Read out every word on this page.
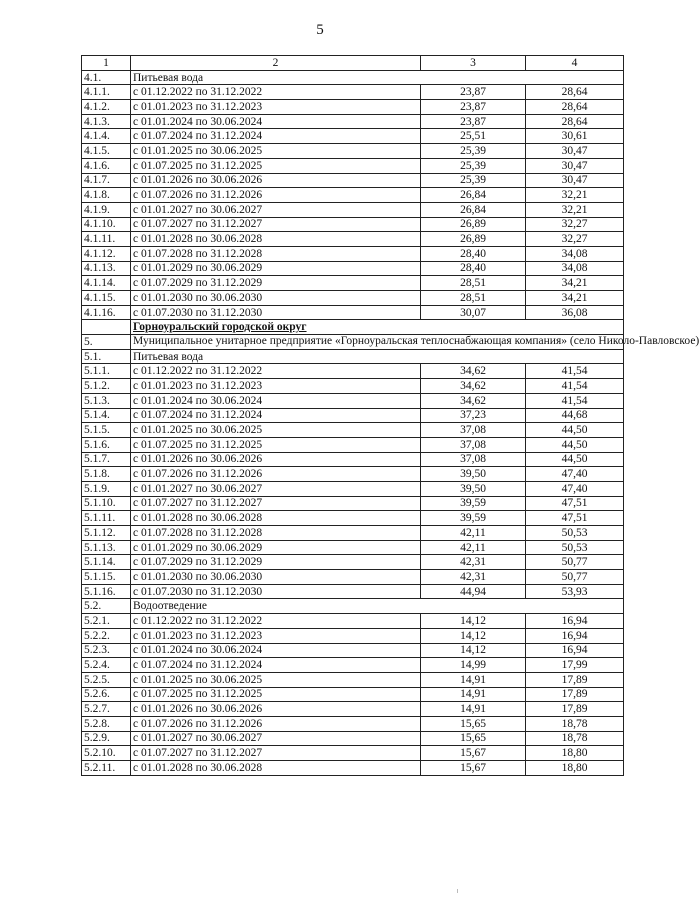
5
1	2	3	4
4.1.	Питьевая вода		
4.1.1.	с 01.12.2022 по 31.12.2022	23,87	28,64
4.1.2.	с 01.01.2023 по 31.12.2023	23,87	28,64
4.1.3.	с 01.01.2024 по 30.06.2024	23,87	28,64
4.1.4.	с 01.07.2024 по 31.12.2024	25,51	30,61
4.1.5.	с 01.01.2025 по 30.06.2025	25,39	30,47
4.1.6.	с 01.07.2025 по 31.12.2025	25,39	30,47
4.1.7.	с 01.01.2026 по 30.06.2026	25,39	30,47
4.1.8.	с 01.07.2026 по 31.12.2026	26,84	32,21
4.1.9.	с 01.01.2027 по 30.06.2027	26,84	32,21
4.1.10.	с 01.07.2027 по 31.12.2027	26,89	32,27
4.1.11.	с 01.01.2028 по 30.06.2028	26,89	32,27
4.1.12.	с 01.07.2028 по 31.12.2028	28,40	34,08
4.1.13.	с 01.01.2029 по 30.06.2029	28,40	34,08
4.1.14.	с 01.07.2029 по 31.12.2029	28,51	34,21
4.1.15.	с 01.01.2030 по 30.06.2030	28,51	34,21
4.1.16.	с 01.07.2030 по 31.12.2030	30,07	36,08
	Горноуральский городской округ		
5.	Муниципальное унитарное предприятие «Горноуральская теплоснабжающая компания» (село Николо-Павловское)		
5.1.	Питьевая вода		
5.1.1.	с 01.12.2022 по 31.12.2022	34,62	41,54
5.1.2.	с 01.01.2023 по 31.12.2023	34,62	41,54
5.1.3.	с 01.01.2024 по 30.06.2024	34,62	41,54
5.1.4.	с 01.07.2024 по 31.12.2024	37,23	44,68
5.1.5.	с 01.01.2025 по 30.06.2025	37,08	44,50
5.1.6.	с 01.07.2025 по 31.12.2025	37,08	44,50
5.1.7.	с 01.01.2026 по 30.06.2026	37,08	44,50
5.1.8.	с 01.07.2026 по 31.12.2026	39,50	47,40
5.1.9.	с 01.01.2027 по 30.06.2027	39,50	47,40
5.1.10.	с 01.07.2027 по 31.12.2027	39,59	47,51
5.1.11.	с 01.01.2028 по 30.06.2028	39,59	47,51
5.1.12.	с 01.07.2028 по 31.12.2028	42,11	50,53
5.1.13.	с 01.01.2029 по 30.06.2029	42,11	50,53
5.1.14.	с 01.07.2029 по 31.12.2029	42,31	50,77
5.1.15.	с 01.01.2030 по 30.06.2030	42,31	50,77
5.1.16.	с 01.07.2030 по 31.12.2030	44,94	53,93
5.2.	Водоотведение		
5.2.1.	с 01.12.2022 по 31.12.2022	14,12	16,94
5.2.2.	с 01.01.2023 по 31.12.2023	14,12	16,94
5.2.3.	с 01.01.2024 по 30.06.2024	14,12	16,94
5.2.4.	с 01.07.2024 по 31.12.2024	14,99	17,99
5.2.5.	с 01.01.2025 по 30.06.2025	14,91	17,89
5.2.6.	с 01.07.2025 по 31.12.2025	14,91	17,89
5.2.7.	с 01.01.2026 по 30.06.2026	14,91	17,89
5.2.8.	с 01.07.2026 по 31.12.2026	15,65	18,78
5.2.9.	с 01.01.2027 по 30.06.2027	15,65	18,78
5.2.10.	с 01.07.2027 по 31.12.2027	15,67	18,80
5.2.11.	с 01.01.2028 по 30.06.2028	15,67	18,80
